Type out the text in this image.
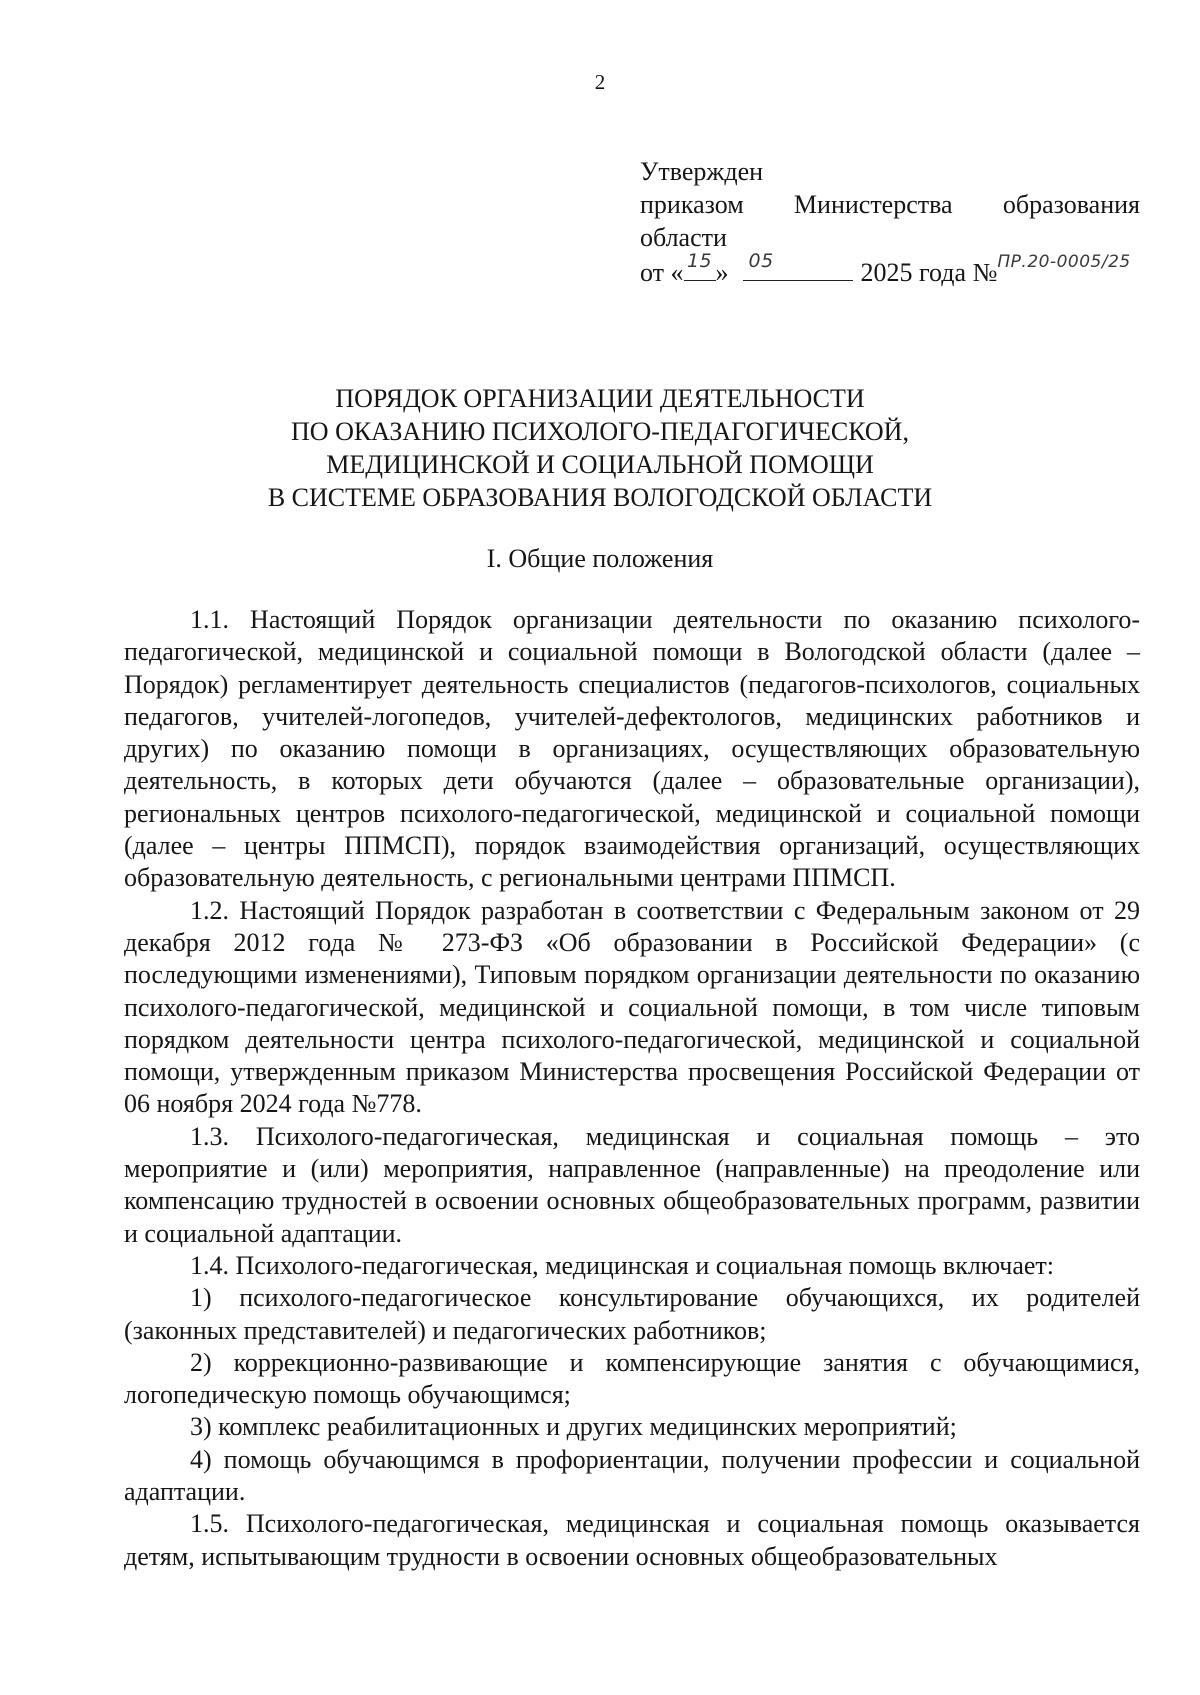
2
Утвержден
приказом Министерства образования
области
от « 15 »	05	2025 года № ПР.20-0005/25
ПОРЯДОК ОРГАНИЗАЦИИ ДЕЯТЕЛЬНОСТИ
ПО ОКАЗАНИЮ ПСИХОЛОГО-ПЕДАГОГИЧЕСКОЙ,
МЕДИЦИНСКОЙ И СОЦИАЛЬНОЙ ПОМОЩИ
В СИСТЕМЕ ОБРАЗОВАНИЯ ВОЛОГОДСКОЙ ОБЛАСТИ
I. Общие положения

1.1. Настоящий Порядок организации деятельности по оказанию психолого-педагогической, медицинской и социальной помощи в Вологодской области (далее – Порядок) регламентирует деятельность специалистов (педагогов-психологов, социальных педагогов, учителей-логопедов, учителей-дефектологов, медицинских работников и других) по оказанию помощи в организациях, осуществляющих образовательную деятельность, в которых дети обучаются (далее – образовательные организации), региональных центров психолого-педагогической, медицинской и социальной помощи (далее – центры ППМСП), порядок взаимодействия организаций, осуществляющих образовательную деятельность, с региональными центрами ППМСП.

1.2. Настоящий Порядок разработан в соответствии с Федеральным законом от 29 декабря 2012 года № 273-ФЗ «Об образовании в Российской Федерации» (с последующими изменениями), Типовым порядком организации деятельности по оказанию психолого-педагогической, медицинской и социальной помощи, в том числе типовым порядком деятельности центра психолого-педагогической, медицинской и социальной помощи, утвержденным приказом Министерства просвещения Российской Федерации от 06 ноября 2024 года №778.

1.3. Психолого-педагогическая, медицинская и социальная помощь – это мероприятие и (или) мероприятия, направленное (направленные) на преодоление или компенсацию трудностей в освоении основных общеобразовательных программ, развитии и социальной адаптации.

1.4. Психолого-педагогическая, медицинская и социальная помощь включает:

1) психолого-педагогическое консультирование обучающихся, их родителей (законных представителей) и педагогических работников;

2) коррекционно-развивающие и компенсирующие занятия с обучающимися, логопедическую помощь обучающимся;

3) комплекс реабилитационных и других медицинских мероприятий;

4) помощь обучающимся в профориентации, получении профессии и социальной адаптации.

1.5. Психолого-педагогическая, медицинская и социальная помощь оказывается детям, испытывающим трудности в освоении основных общеобразовательных
